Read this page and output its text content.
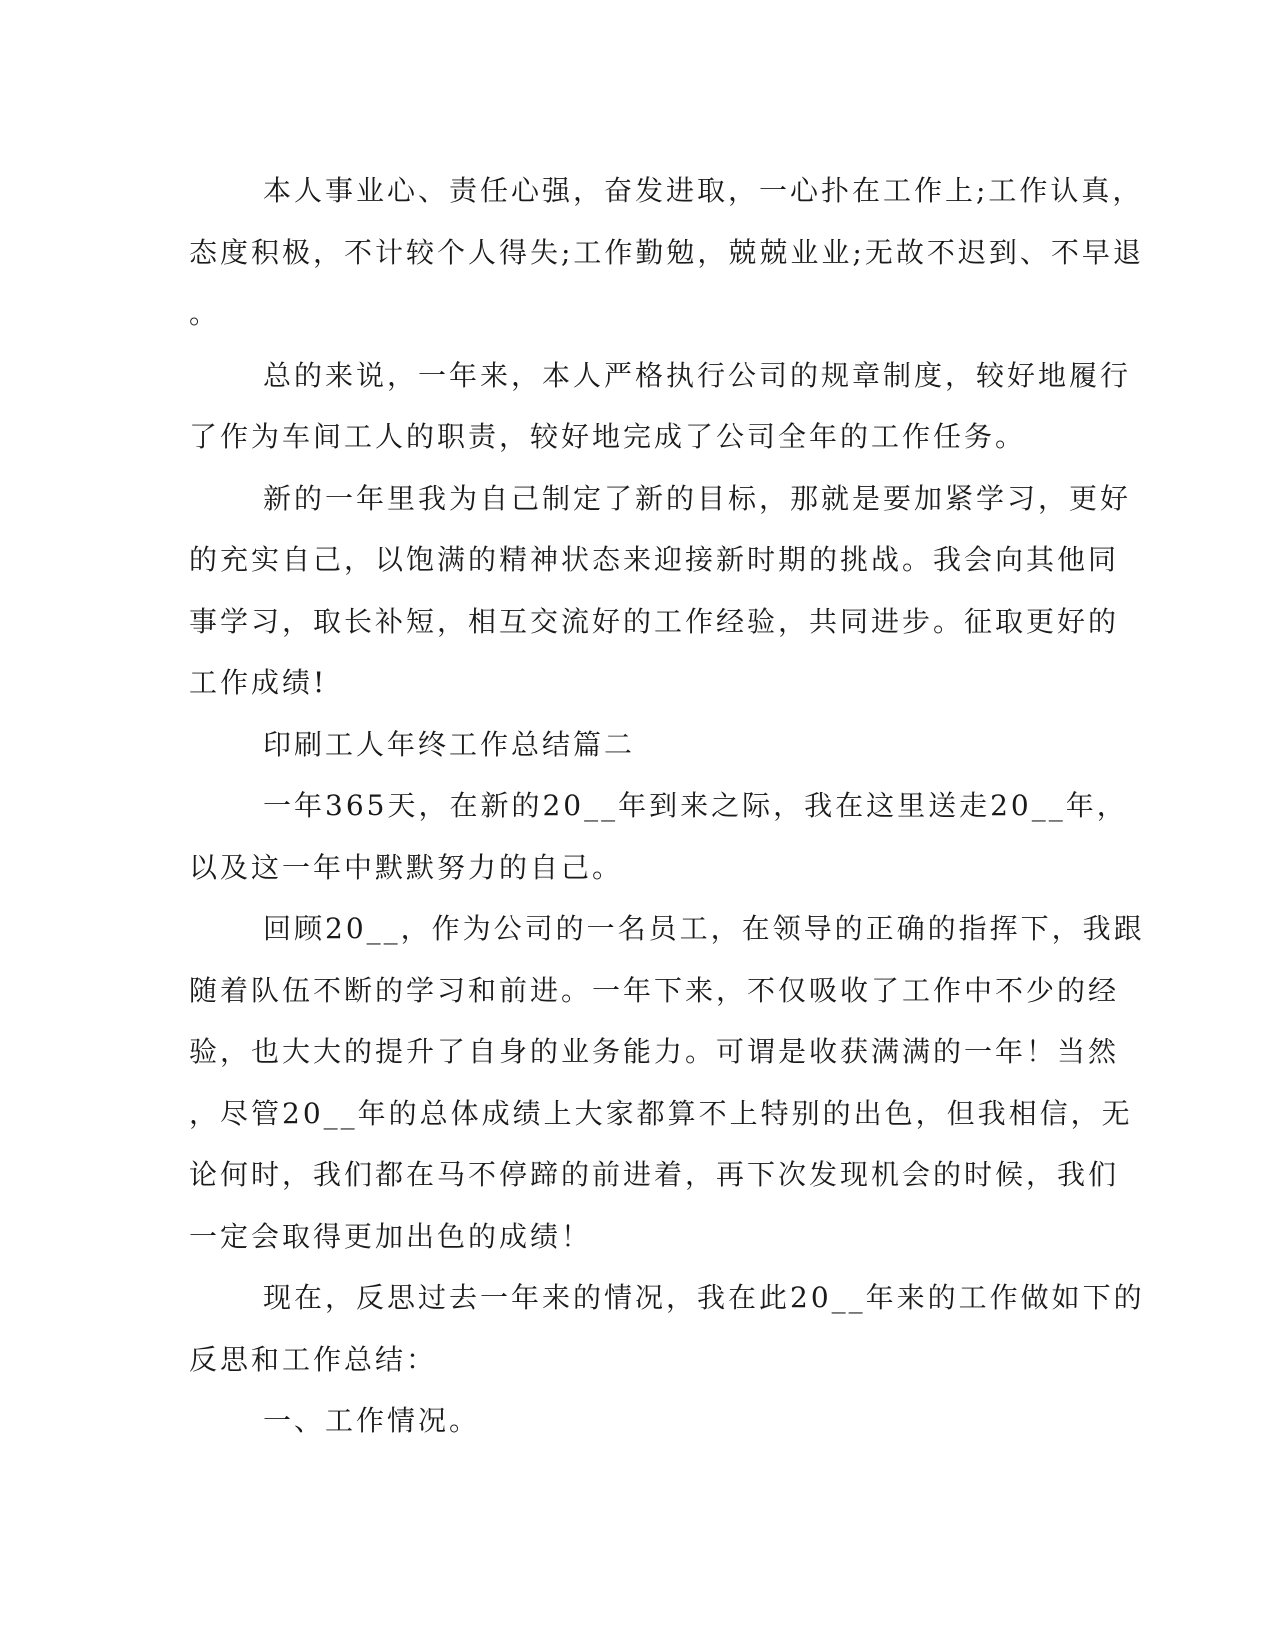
本人事业心、责任心强，奋发进取，一心扑在工作上;工作认真，
态度积极，不计较个人得失;工作勤勉，兢兢业业;无故不迟到、不早退
。

总的来说，一年来，本人严格执行公司的规章制度，较好地履行
了作为车间工人的职责，较好地完成了公司全年的工作任务。

新的一年里我为自己制定了新的目标，那就是要加紧学习，更好
的充实自己，以饱满的精神状态来迎接新时期的挑战。我会向其他同
事学习，取长补短，相互交流好的工作经验，共同进步。征取更好的
工作成绩!

印刷工人年终工作总结篇二

一年365天，在新的20__年到来之际，我在这里送走20__年，
以及这一年中默默努力的自己。

回顾20__，作为公司的一名员工，在领导的正确的指挥下，我跟
随着队伍不断的学习和前进。一年下来，不仅吸收了工作中不少的经
验，也大大的提升了自身的业务能力。可谓是收获满满的一年！当然
，尽管20__年的总体成绩上大家都算不上特别的出色，但我相信，无
论何时，我们都在马不停蹄的前进着，再下次发现机会的时候，我们
一定会取得更加出色的成绩！

现在，反思过去一年来的情况，我在此20__年来的工作做如下的
反思和工作总结：

一、工作情况。
